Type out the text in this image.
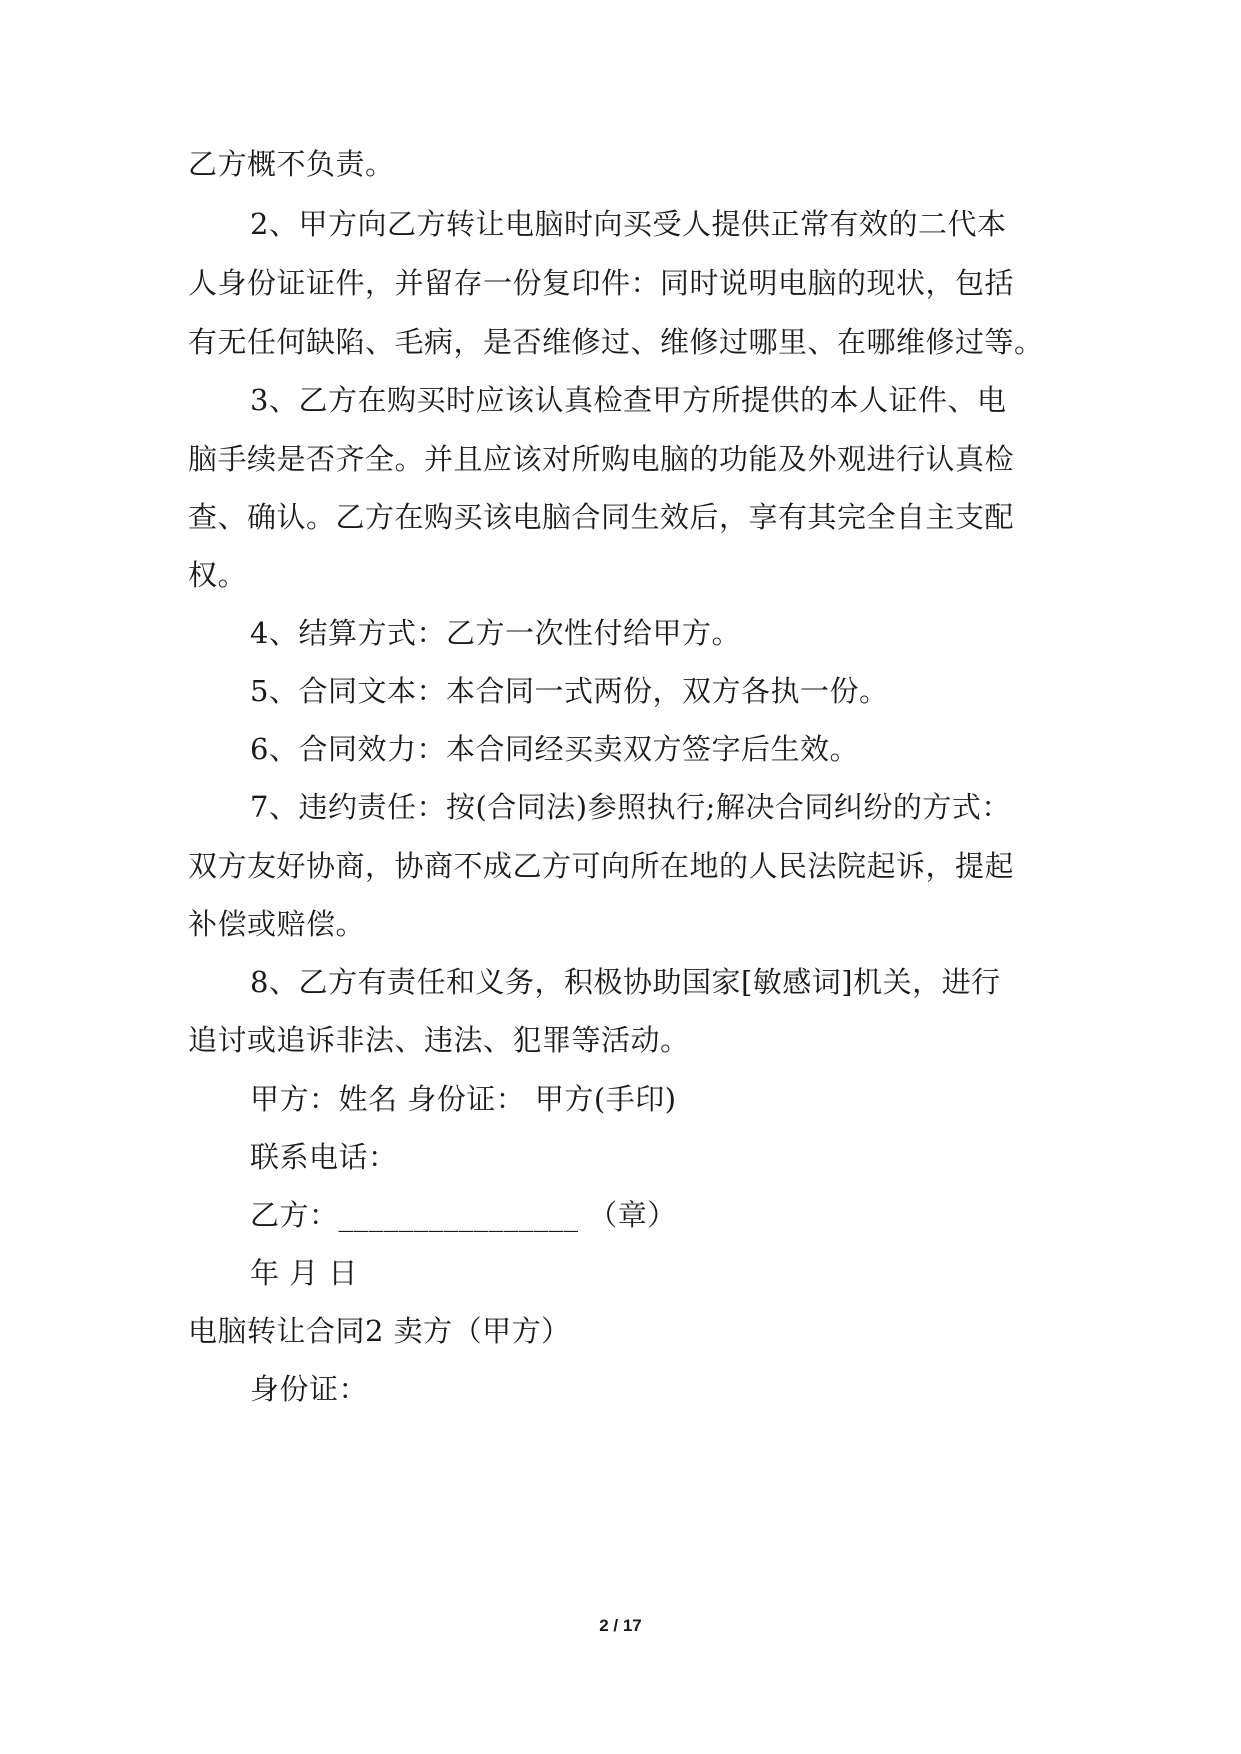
乙方概不负责。
2、甲方向乙方转让电脑时向买受人提供正常有效的二代本
人身份证证件，并留存一份复印件：同时说明电脑的现状，包括
有无任何缺陷、毛病，是否维修过、维修过哪里、在哪维修过等。
3、乙方在购买时应该认真检查甲方所提供的本人证件、电
脑手续是否齐全。并且应该对所购电脑的功能及外观进行认真检
查、确认。乙方在购买该电脑合同生效后，享有其完全自主支配
权。
4、结算方式：乙方一次性付给甲方。
5、合同文本：本合同一式两份，双方各执一份。
6、合同效力：本合同经买卖双方签字后生效。
7、违约责任：按(合同法)参照执行;解决合同纠纷的方式：
双方友好协商，协商不成乙方可向所在地的人民法院起诉，提起
补偿或赔偿。
8、乙方有责任和义务，积极协助国家[敏感词]机关，进行
追讨或追诉非法、违法、犯罪等活动。
甲方：姓名 身份证： 甲方(手印)
联系电话：
乙方：________________ （章）
年 月 日
电脑转让合同2 卖方（甲方）
身份证：
2 / 17
